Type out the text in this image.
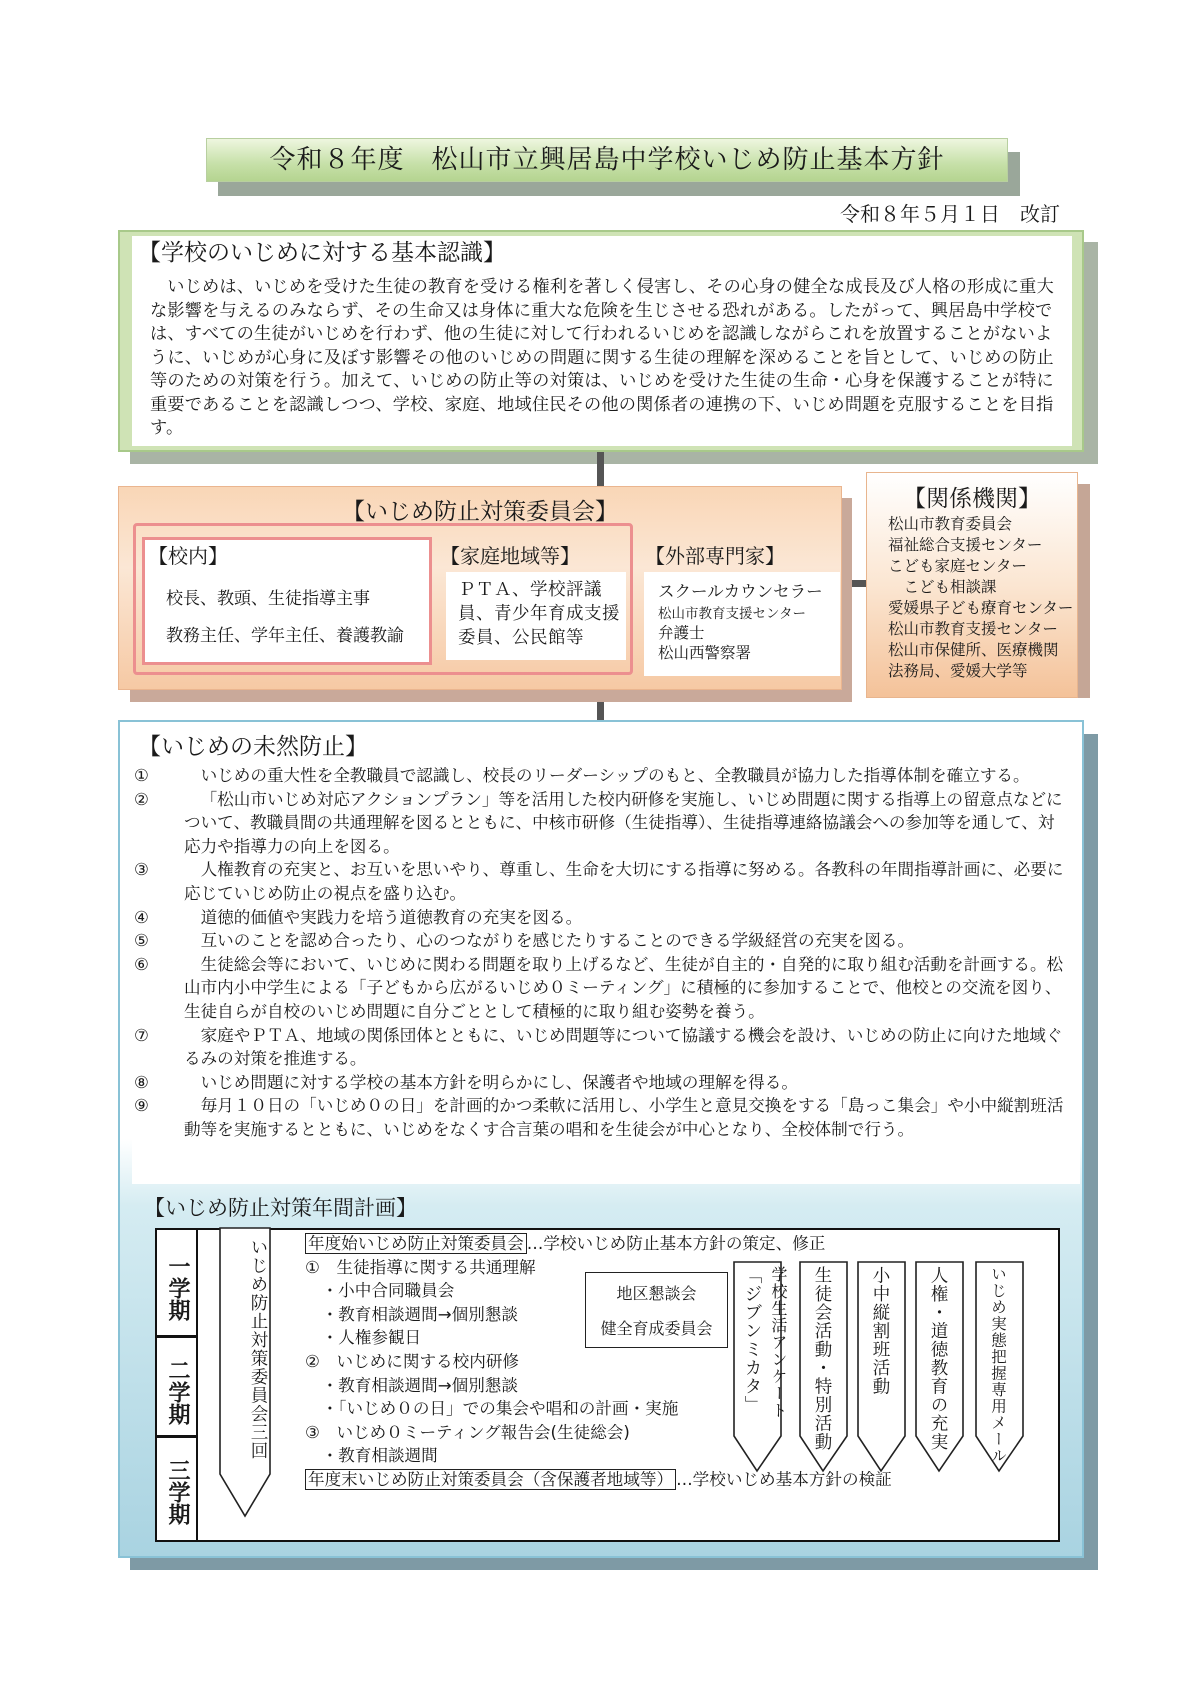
令和８年度　松山市立興居島中学校いじめ防止基本方針
令和８年５月１日　改訂
【学校のいじめに対する基本認識】
いじめは、いじめを受けた生徒の教育を受ける権利を著しく侵害し、その心身の健全な成長及び人格の形成に重大な影響を与えるのみならず、その生命又は身体に重大な危険を生じさせる恐れがある。したがって、興居島中学校では、すべての生徒がいじめを行わず、他の生徒に対して行われるいじめを認識しながらこれを放置することがないように、いじめが心身に及ぼす影響その他のいじめの問題に関する生徒の理解を深めることを旨として、いじめの防止等のための対策を行う。加えて、いじめの防止等の対策は、いじめを受けた生徒の生命・心身を保護することが特に重要であることを認識しつつ、学校、家庭、地域住民その他の関係者の連携の下、いじめ問題を克服することを目指す。
【いじめ防止対策委員会】
【校内】
校長、教頭、生徒指導主事
教務主任、学年主任、養護教諭
【家庭地域等】
ＰＴＡ、学校評議員、青少年育成支援委員、公民館等
【外部専門家】
スクールカウンセラー
松山市教育支援センター
弁護士
松山西警察署
【関係機関】
松山市教育委員会
福祉総合支援センター
こども家庭センター
　こども相談課
愛媛県子ども療育センター
松山市教育支援センター
松山市保健所、医療機関
法務局、愛媛大学等
【いじめの未然防止】
①	いじめの重大性を全教職員で認識し、校長のリーダーシップのもと、全教職員が協力した指導体制を確立する。
②	「松山市いじめ対応アクションプラン」等を活用した校内研修を実施し、いじめ問題に関する指導上の留意点などについて、教職員間の共通理解を図るとともに、中核市研修（生徒指導）、生徒指導連絡協議会への参加等を通して、対応力や指導力の向上を図る。
③	人権教育の充実と、お互いを思いやり、尊重し、生命を大切にする指導に努める。各教科の年間指導計画に、必要に応じていじめ防止の視点を盛り込む。
④	道徳的価値や実践力を培う道徳教育の充実を図る。
⑤	互いのことを認め合ったり、心のつながりを感じたりすることのできる学級経営の充実を図る。
⑥	生徒総会等において、いじめに関わる問題を取り上げるなど、生徒が自主的・自発的に取り組む活動を計画する。松山市内小中学生による「子どもから広がるいじめ０ミーティング」に積極的に参加することで、他校との交流を図り、生徒自らが自校のいじめ問題に自分ごととして積極的に取り組む姿勢を養う。
⑦	家庭やＰＴＡ、地域の関係団体とともに、いじめ問題等について協議する機会を設け、いじめの防止に向けた地域ぐるみの対策を推進する。
⑧	いじめ問題に対する学校の基本方針を明らかにし、保護者や地域の理解を得る。
⑨	毎月１０日の「いじめ０の日」を計画的かつ柔軟に活用し、小学生と意見交換をする「島っこ集会」や小中縦割班活動等を実施するとともに、いじめをなくす合言葉の唱和を生徒会が中心となり、全校体制で行う。
【いじめ防止対策年間計画】
一学期
二学期
三学期
いじめ防止対策委員会三回	「ジブンミカタ」 学校生活アンケート 生徒会活動・特別活動 小中縦割班活動 人権・道徳教育の充実	いじめ実態把握専用メール
地区懇談会
健全育成委員会
年度始いじめ防止対策委員会 …学校いじめ防止基本方針の策定、修正
①　生徒指導に関する共通理解
　・小中合同職員会
　・教育相談週間→個別懇談
　・人権参観日
②　いじめに関する校内研修
　・教育相談週間→個別懇談
　・「いじめ０の日」での集会や唱和の計画・実施
③　いじめ０ミーティング報告会(生徒総会)
　・教育相談週間
年度末いじめ防止対策委員会（含保護者地域等） …学校いじめ基本方針の検証
